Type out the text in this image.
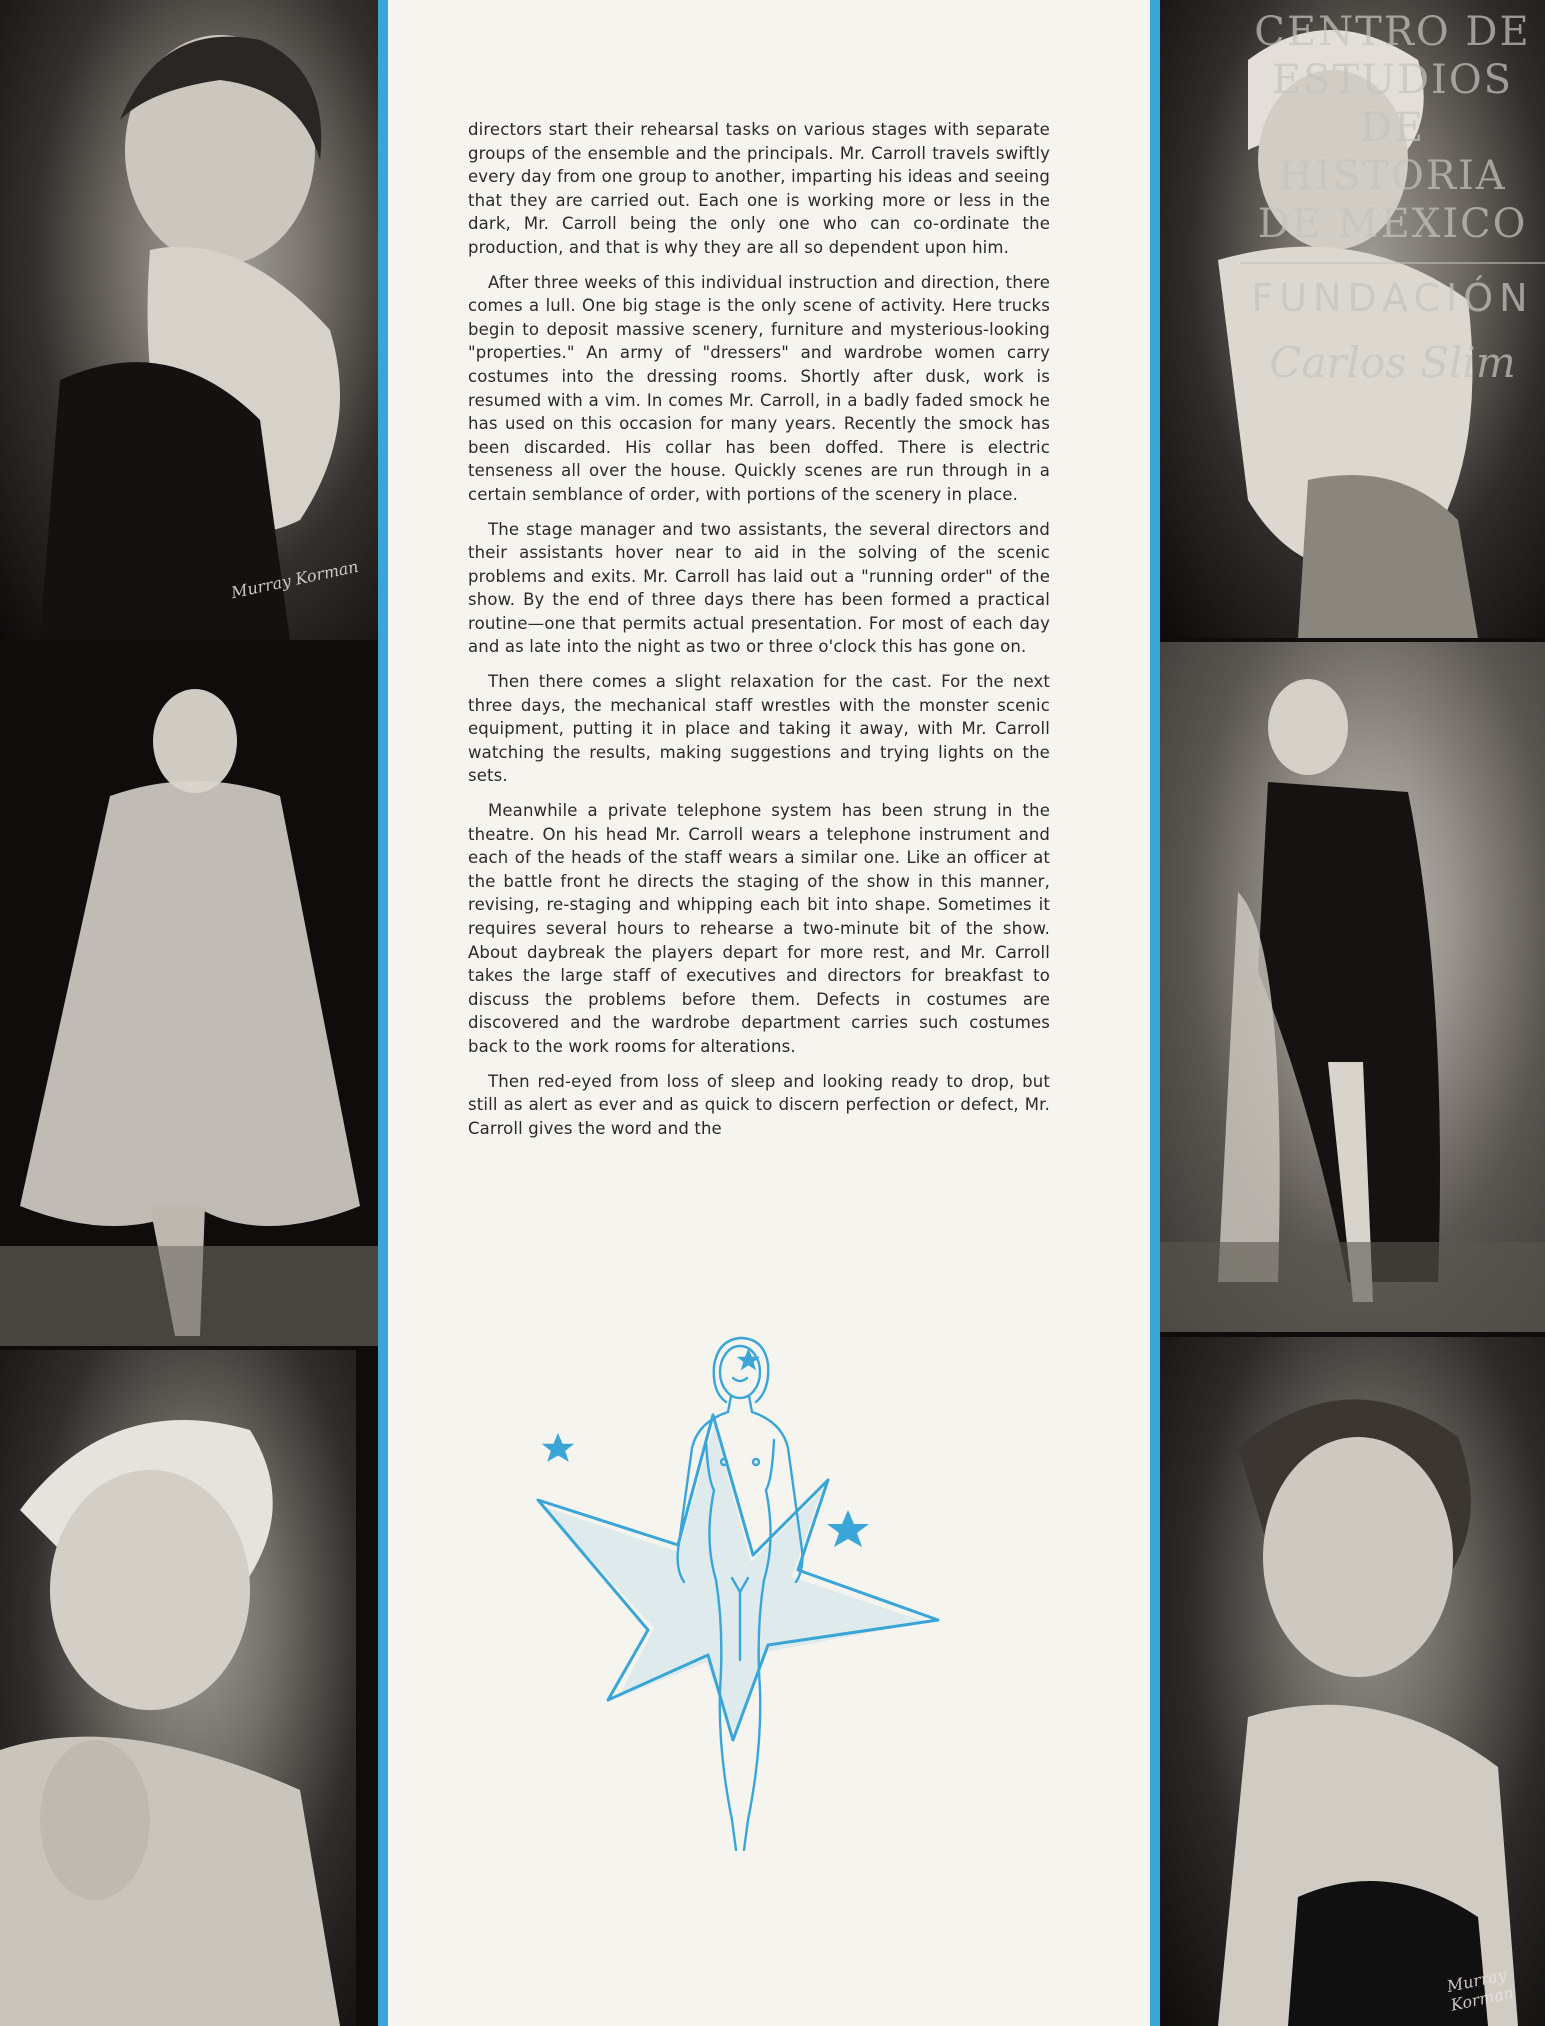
Murray Korman
Murray Korman

directors start their rehearsal tasks on various stages with separate groups of the ensemble and the principals. Mr. Carroll travels swiftly every day from one group to another, imparting his ideas and seeing that they are carried out. Each one is working more or less in the dark, Mr. Carroll being the only one who can co-ordinate the production, and that is why they are all so dependent upon him.

After three weeks of this individual instruction and direction, there comes a lull. One big stage is the only scene of activity. Here trucks begin to deposit massive scenery, furniture and mysterious-looking "properties." An army of "dressers" and wardrobe women carry costumes into the dressing rooms. Shortly after dusk, work is resumed with a vim. In comes Mr. Carroll, in a badly faded smock he has used on this occasion for many years. Recently the smock has been discarded. His collar has been doffed. There is electric tenseness all over the house. Quickly scenes are run through in a certain semblance of order, with portions of the scenery in place.

The stage manager and two assistants, the several directors and their assistants hover near to aid in the solving of the scenic problems and exits. Mr. Carroll has laid out a "running order" of the show. By the end of three days there has been formed a practical routine—one that permits actual presentation. For most of each day and as late into the night as two or three o'clock this has gone on.

Then there comes a slight relaxation for the cast. For the next three days, the mechanical staff wrestles with the monster scenic equipment, putting it in place and taking it away, with Mr. Carroll watching the results, making suggestions and trying lights on the sets.

Meanwhile a private telephone system has been strung in the theatre. On his head Mr. Carroll wears a telephone instrument and each of the heads of the staff wears a similar one. Like an officer at the battle front he directs the staging of the show in this manner, revising, re-staging and whipping each bit into shape. Sometimes it requires several hours to rehearse a two-minute bit of the show. About daybreak the players depart for more rest, and Mr. Carroll takes the large staff of executives and directors for breakfast to discuss the problems before them. Defects in costumes are discovered and the wardrobe department carries such costumes back to the work rooms for alterations.

Then red-eyed from loss of sleep and looking ready to drop, but still as alert as ever and as quick to discern perfection or defect, Mr. Carroll gives the word and the

CENTRO DE
ESTUDIOS
DE HISTORIA
DE MÉXICO
FUNDACIÓN
Carlos Slim
